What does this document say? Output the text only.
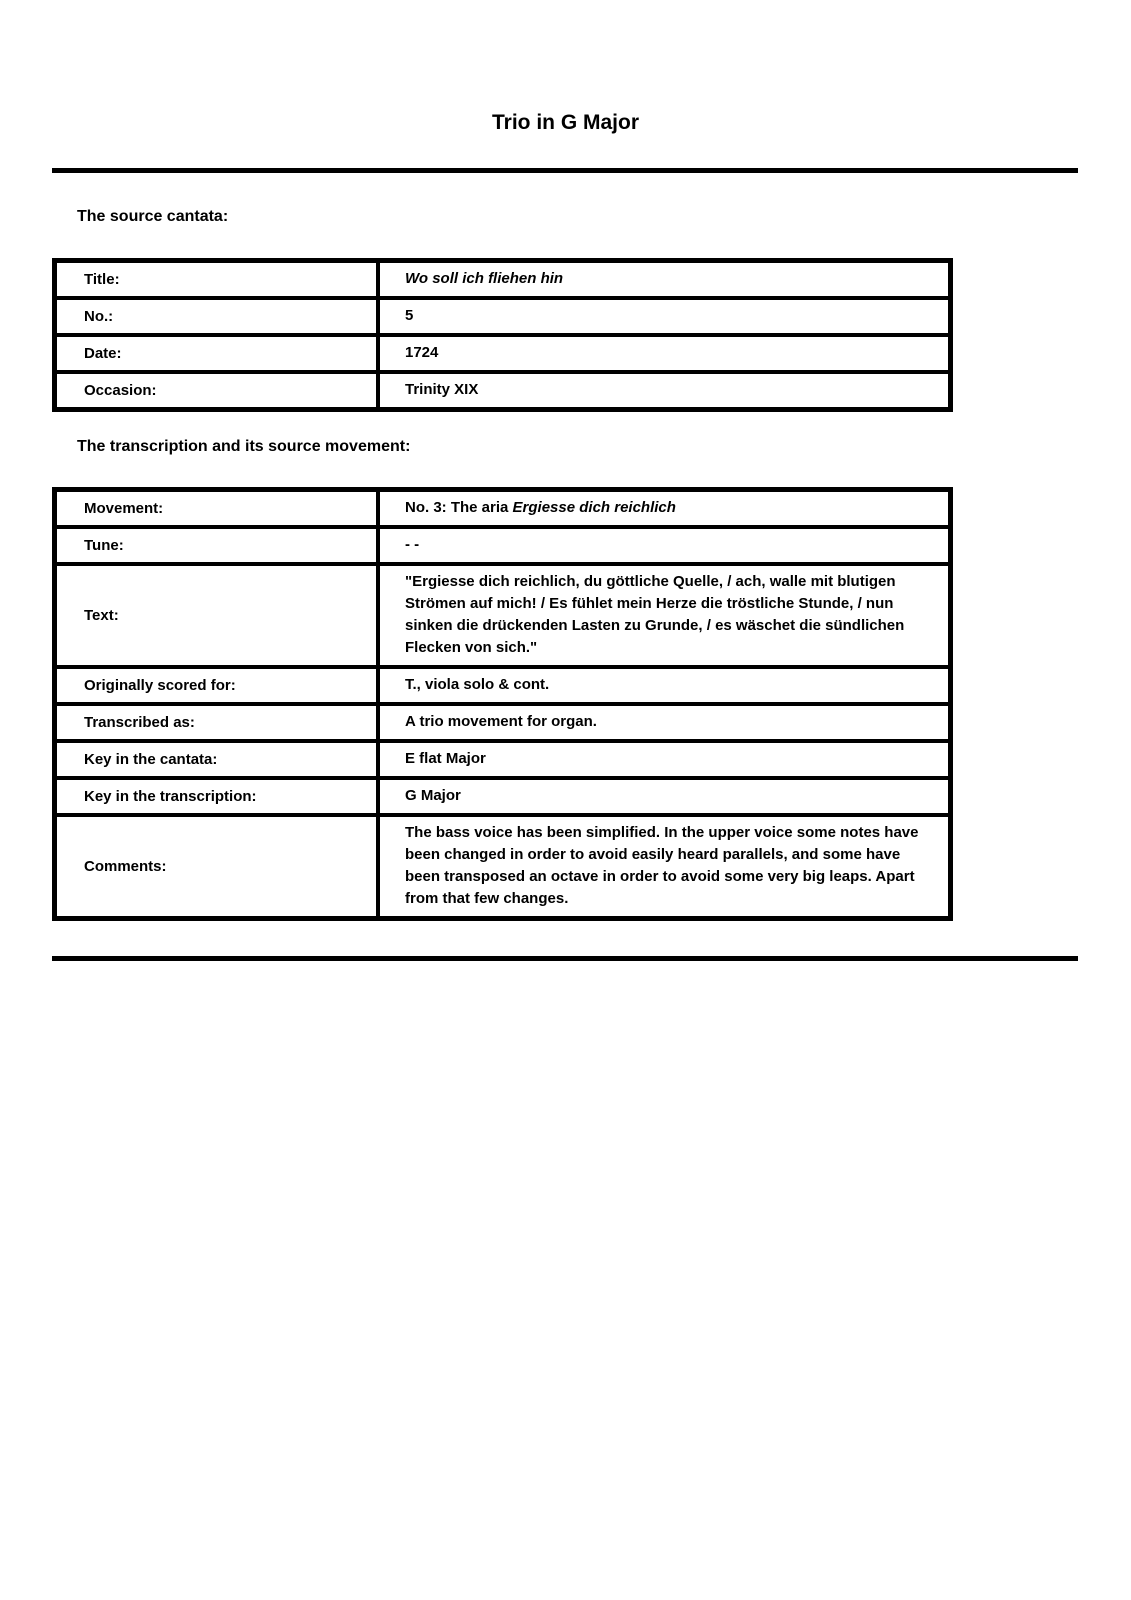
Trio in G Major
The source cantata:
Title:	Wo soll ich fliehen hin
No.:	5
Date:	1724
Occasion:	Trinity XIX
The transcription and its source movement:
Movement:	No. 3: The aria Ergiesse dich reichlich
Tune:	- -
Text:
"Ergiesse dich reichlich, du göttliche Quelle, / ach, walle mit blutigen Strömen auf mich! / Es fühlet mein Herze die tröstliche Stunde, / nun sinken die drückenden Lasten zu Grunde, / es wäschet die sündlichen Flecken von sich."
Originally scored for:	T., viola solo & cont.
Transcribed as:	A trio movement for organ.
Key in the cantata:	E flat Major
Key in the transcription:	G Major
Comments:
The bass voice has been simplified. In the upper voice some notes have been changed in order to avoid easily heard parallels, and some have been transposed an octave in order to avoid some very big leaps. Apart from that few changes.
